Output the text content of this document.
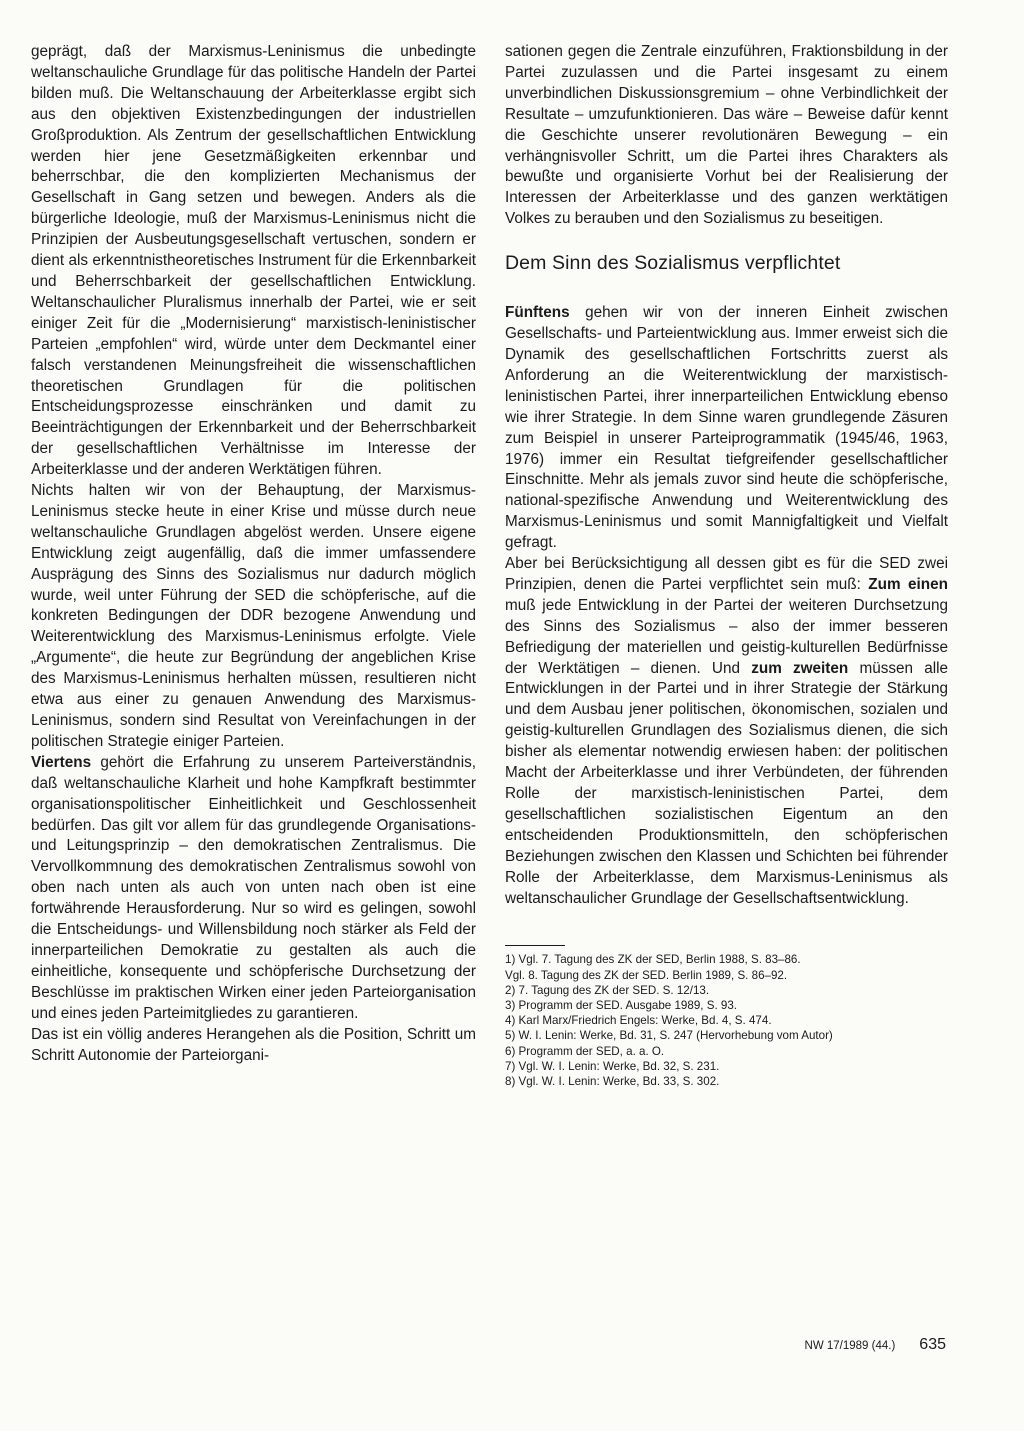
geprägt, daß der Marxismus-Leninismus die unbedingte weltanschauliche Grundlage für das politische Handeln der Partei bilden muß. Die Weltanschauung der Arbeiterklasse ergibt sich aus den objektiven Existenzbedingungen der industriellen Großproduktion. Als Zentrum der gesellschaftlichen Entwicklung werden hier jene Gesetzmäßigkeiten erkennbar und beherrschbar, die den komplizierten Mechanismus der Gesellschaft in Gang setzen und bewegen. Anders als die bürgerliche Ideologie, muß der Marxismus-Leninismus nicht die Prinzipien der Ausbeutungsgesellschaft vertuschen, sondern er dient als erkenntnistheoretisches Instrument für die Erkennbarkeit und Beherrschbarkeit der gesellschaftlichen Entwicklung. Weltanschaulicher Pluralismus innerhalb der Partei, wie er seit einiger Zeit für die „Modernisierung“ marxistisch-leninistischer Parteien „empfohlen“ wird, würde unter dem Deckmantel einer falsch verstandenen Meinungsfreiheit die wissenschaftlichen theoretischen Grundlagen für die politischen Entscheidungsprozesse einschränken und damit zu Beeinträchtigungen der Erkennbarkeit und der Beherrschbarkeit der gesellschaftlichen Verhältnisse im Interesse der Arbeiterklasse und der anderen Werktätigen führen.

Nichts halten wir von der Behauptung, der Marxismus-Leninismus stecke heute in einer Krise und müsse durch neue weltanschauliche Grundlagen abgelöst werden. Unsere eigene Entwicklung zeigt augenfällig, daß die immer umfassendere Ausprägung des Sinns des Sozialismus nur dadurch möglich wurde, weil unter Führung der SED die schöpferische, auf die konkreten Bedingungen der DDR bezogene Anwendung und Weiterentwicklung des Marxismus-Leninismus erfolgte. Viele „Argumente“, die heute zur Begründung der angeblichen Krise des Marxismus-Leninismus herhalten müssen, resultieren nicht etwa aus einer zu genauen Anwendung des Marxismus-Leninismus, sondern sind Resultat von Vereinfachungen in der politischen Strategie einiger Parteien.

Viertens gehört die Erfahrung zu unserem Parteiverständnis, daß weltanschauliche Klarheit und hohe Kampfkraft bestimmter organisationspolitischer Einheitlichkeit und Geschlossenheit bedürfen. Das gilt vor allem für das grundlegende Organisations- und Leitungsprinzip – den demokratischen Zentralismus. Die Vervollkommnung des demokratischen Zentralismus sowohl von oben nach unten als auch von unten nach oben ist eine fortwährende Herausforderung. Nur so wird es gelingen, sowohl die Entscheidungs- und Willensbildung noch stärker als Feld der innerparteilichen Demokratie zu gestalten als auch die einheitliche, konsequente und schöpferische Durchsetzung der Beschlüsse im praktischen Wirken einer jeden Parteiorganisation und eines jeden Parteimitgliedes zu garantieren.

Das ist ein völlig anderes Herangehen als die Position, Schritt um Schritt Autonomie der Parteiorgani-

sationen gegen die Zentrale einzuführen, Fraktionsbildung in der Partei zuzulassen und die Partei insgesamt zu einem unverbindlichen Diskussionsgremium – ohne Verbindlichkeit der Resultate – umzufunktionieren. Das wäre – Beweise dafür kennt die Geschichte unserer revolutionären Bewegung – ein verhängnisvoller Schritt, um die Partei ihres Charakters als bewußte und organisierte Vorhut bei der Realisierung der Interessen der Arbeiterklasse und des ganzen werktätigen Volkes zu berauben und den Sozialismus zu beseitigen.

Dem Sinn des Sozialismus verpflichtet

Fünftens gehen wir von der inneren Einheit zwischen Gesellschafts- und Parteientwicklung aus. Immer erweist sich die Dynamik des gesellschaftlichen Fortschritts zuerst als Anforderung an die Weiterentwicklung der marxistisch-leninistischen Partei, ihrer innerparteilichen Entwicklung ebenso wie ihrer Strategie. In dem Sinne waren grundlegende Zäsuren zum Beispiel in unserer Parteiprogrammatik (1945/46, 1963, 1976) immer ein Resultat tiefgreifender gesellschaftlicher Einschnitte. Mehr als jemals zuvor sind heute die schöpferische, national-spezifische Anwendung und Weiterentwicklung des Marxismus-Leninismus und somit Mannigfaltigkeit und Vielfalt gefragt.

Aber bei Berücksichtigung all dessen gibt es für die SED zwei Prinzipien, denen die Partei verpflichtet sein muß: Zum einen muß jede Entwicklung in der Partei der weiteren Durchsetzung des Sinns des Sozialismus – also der immer besseren Befriedigung der materiellen und geistig-kulturellen Bedürfnisse der Werktätigen – dienen. Und zum zweiten müssen alle Entwicklungen in der Partei und in ihrer Strategie der Stärkung und dem Ausbau jener politischen, ökonomischen, sozialen und geistig-kulturellen Grundlagen des Sozialismus dienen, die sich bisher als elementar notwendig erwiesen haben: der politischen Macht der Arbeiterklasse und ihrer Verbündeten, der führenden Rolle der marxistisch-leninistischen Partei, dem gesellschaftlichen sozialistischen Eigentum an den entscheidenden Produktionsmitteln, den schöpferischen Beziehungen zwischen den Klassen und Schichten bei führender Rolle der Arbeiterklasse, dem Marxismus-Leninismus als weltanschaulicher Grundlage der Gesellschaftsentwicklung.

1) Vgl. 7. Tagung des ZK der SED, Berlin 1988, S. 83–86.
Vgl. 8. Tagung des ZK der SED. Berlin 1989, S. 86–92.
2) 7. Tagung des ZK der SED. S. 12/13.
3) Programm der SED. Ausgabe 1989, S. 93.
4) Karl Marx/Friedrich Engels: Werke, Bd. 4, S. 474.
5) W. I. Lenin: Werke, Bd. 31, S. 247 (Hervorhebung vom Autor)
6) Programm der SED, a. a. O.
7) Vgl. W. I. Lenin: Werke, Bd. 32, S. 231.
8) Vgl. W. I. Lenin: Werke, Bd. 33, S. 302.
NW 17/1989 (44.) 635
